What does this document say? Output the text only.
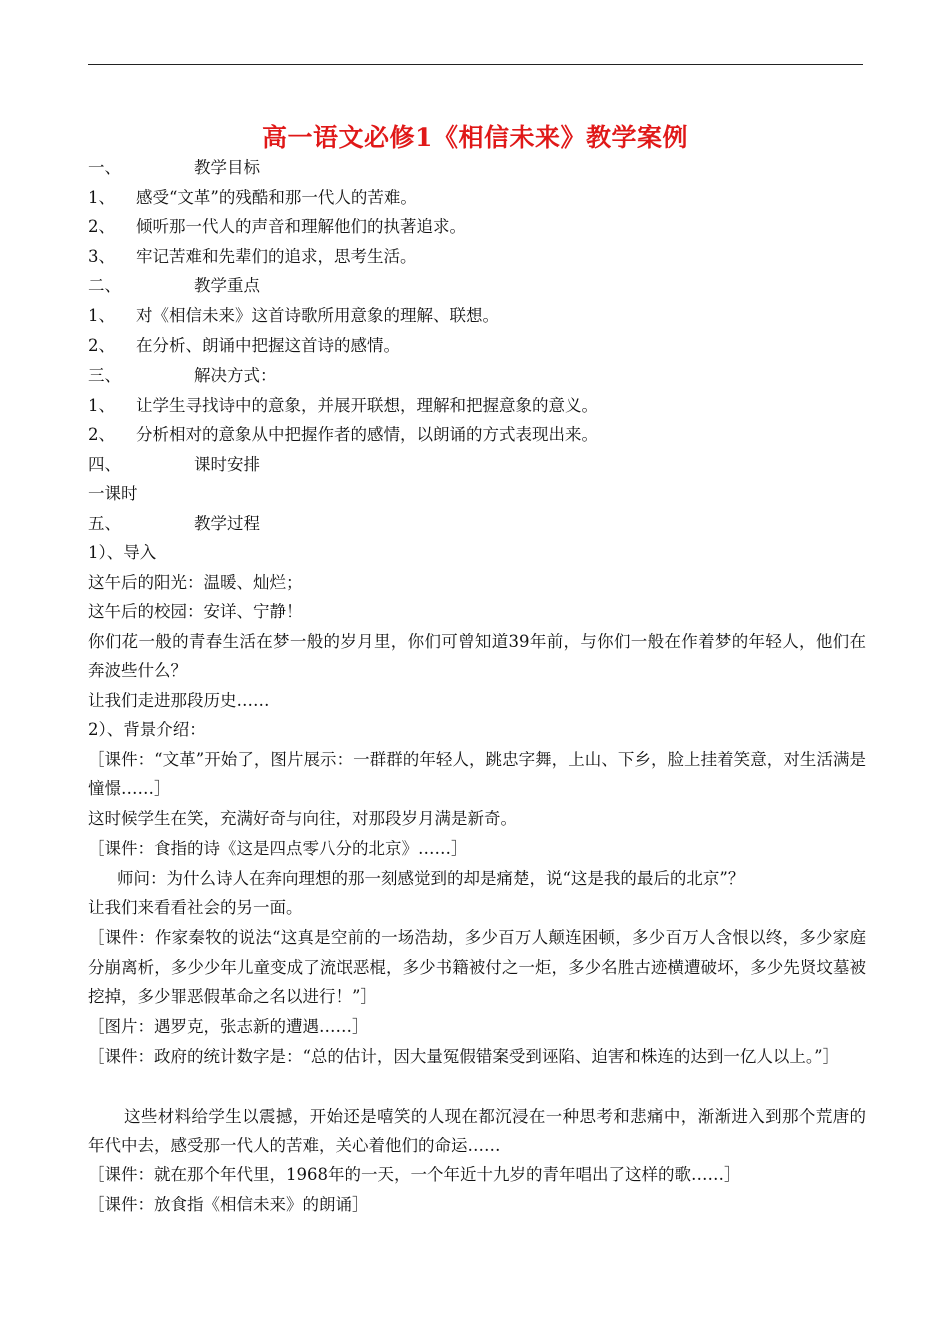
高一语文必修1《相信未来》教学案例
一、	教学目标
1、 感受“文革”的残酷和那一代人的苦难。
2、 倾听那一代人的声音和理解他们的执著追求。
3、 牢记苦难和先辈们的追求，思考生活。
二、	教学重点
1、 对《相信未来》这首诗歌所用意象的理解、联想。
2、 在分析、朗诵中把握这首诗的感情。
三、	解决方式：
1、 让学生寻找诗中的意象，并展开联想，理解和把握意象的意义。
2、 分析相对的意象从中把握作者的感情，以朗诵的方式表现出来。
四、	课时安排
一课时
五、	教学过程
1）、导入
这午后的阳光：温暖、灿烂；
这午后的校园：安详、宁静！
你们花一般的青春生活在梦一般的岁月里，你们可曾知道39年前，与你们一般在作着梦的年轻人，他们在奔波些什么？
让我们走进那段历史……
2）、背景介绍：
［课件：“文革”开始了，图片展示：一群群的年轻人，跳忠字舞，上山、下乡，脸上挂着笑意，对生活满是憧憬……］
这时候学生在笑，充满好奇与向往，对那段岁月满是新奇。
［课件：食指的诗《这是四点零八分的北京》……］
师问：为什么诗人在奔向理想的那一刻感觉到的却是痛楚，说“这是我的最后的北京”？
让我们来看看社会的另一面。
［课件：作家秦牧的说法“这真是空前的一场浩劫，多少百万人颠连困顿，多少百万人含恨以终，多少家庭分崩离析，多少少年儿童变成了流氓恶棍，多少书籍被付之一炬，多少名胜古迹横遭破坏，多少先贤坟墓被挖掉，多少罪恶假革命之名以进行！”］
［图片：遇罗克，张志新的遭遇……］
［课件：政府的统计数字是：“总的估计，因大量冤假错案受到诬陷、迫害和株连的达到一亿人以上。”］
这些材料给学生以震撼，开始还是嘻笑的人现在都沉浸在一种思考和悲痛中，渐渐进入到那个荒唐的年代中去，感受那一代人的苦难，关心着他们的命运……
［课件：就在那个年代里，1968年的一天，一个年近十九岁的青年唱出了这样的歌……］
［课件：放食指《相信未来》的朗诵］
